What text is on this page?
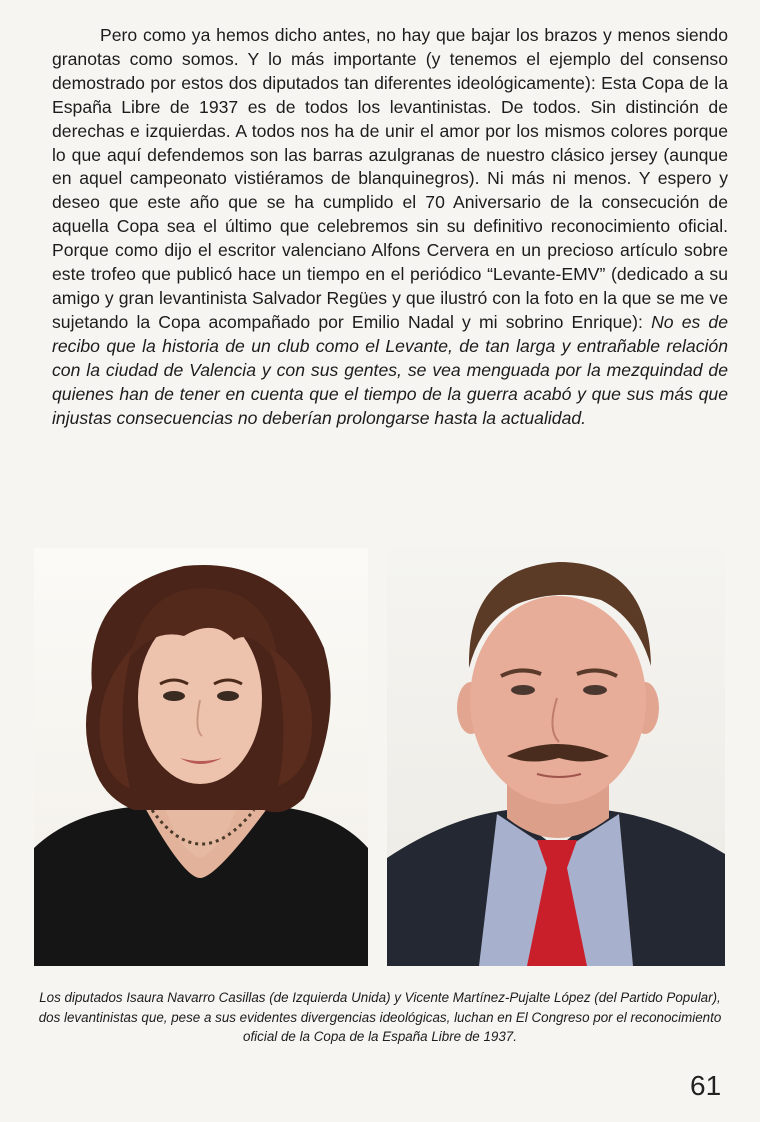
Pero como ya hemos dicho antes, no hay que bajar los brazos y menos siendo granotas como somos. Y lo más importante (y tenemos el ejemplo del consenso demostrado por estos dos diputados tan diferentes ideológicamente): Esta Copa de la España Libre de 1937 es de todos los levantinistas. De todos. Sin distinción de derechas e izquierdas. A todos nos ha de unir el amor por los mismos colores porque lo que aquí defendemos son las barras azulgranas de nuestro clásico jersey (aunque en aquel campeonato vistiéramos de blanquinegros). Ni más ni menos. Y espero y deseo que este año que se ha cumplido el 70 Aniversario de la consecución de aquella Copa sea el último que celebremos sin su definitivo reconocimiento oficial. Porque como dijo el escritor valenciano Alfons Cervera en un precioso artículo sobre este trofeo que publicó hace un tiempo en el periódico “Levante-EMV” (dedicado a su amigo y gran levantinista Salvador Regües y que ilustró con la foto en la que se me ve sujetando la Copa acompañado por Emilio Nadal y mi sobrino Enrique): No es de recibo que la historia de un club como el Levante, de tan larga y entrañable relación con la ciudad de Valencia y con sus gentes, se vea menguada por la mezquindad de quienes han de tener en cuenta que el tiempo de la guerra acabó y que sus más que injustas consecuencias no deberían prolongarse hasta la actualidad.

Los diputados Isaura Navarro Casillas (de Izquierda Unida) y Vicente Martínez-Pujalte López (del Partido Popular), dos levantinistas que, pese a sus evidentes divergencias ideológicas, luchan en El Congreso por el reconocimiento oficial de la Copa de la España Libre de 1937.

61
